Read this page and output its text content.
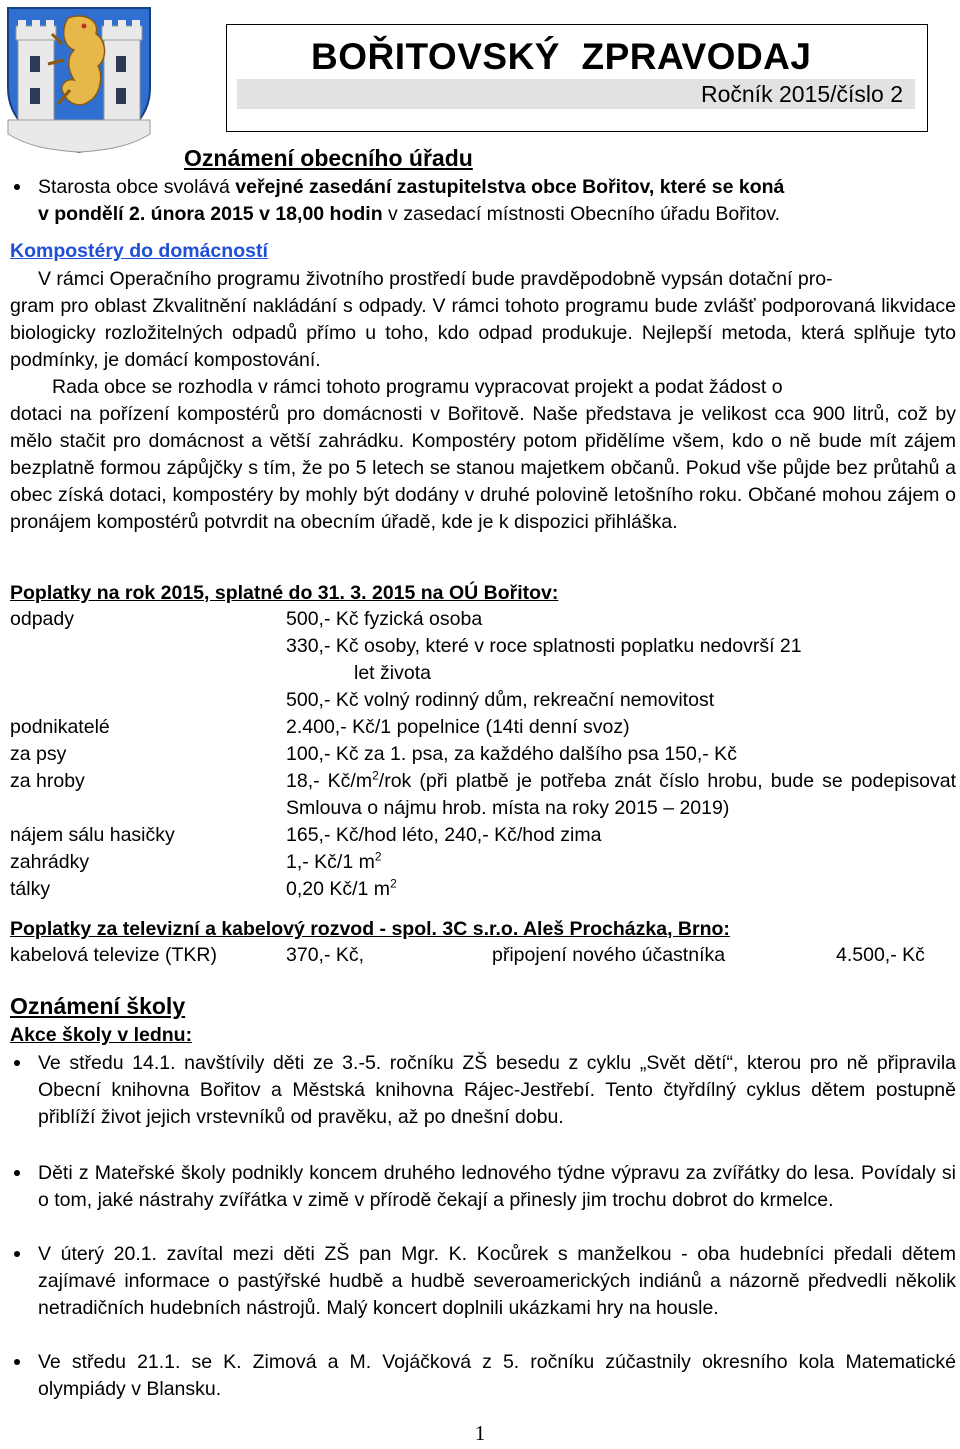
BOŘITOVSKÝ  ZPRAVODAJ
Ročník 2015/číslo 2
Oznámení obecního úřadu
Starosta obce svolává veřejné zasedání zastupitelstva obce Bořitov, které se koná
v pondělí 2. února 2015 v 18,00 hodin v zasedací místnosti Obecního úřadu Bořitov.
Kompostéry do domácností
V rámci Operačního programu životního prostředí bude pravděpodobně vypsán dotační pro-
gram pro oblast Zkvalitnění nakládání s odpady. V rámci tohoto programu bude zvlášť podporovaná likvidace biologicky rozložitelných odpadů přímo u toho, kdo odpad produkuje. Nejlepší metoda, která splňuje tyto podmínky, je domácí kompostování.
Rada obce se rozhodla v rámci tohoto programu vypracovat projekt a podat žádost o
dotaci na pořízení kompostérů pro domácnosti v Bořitově. Naše představa je velikost cca 900 litrů, což by mělo stačit pro domácnost a větší zahrádku. Kompostéry potom přidělíme všem, kdo o ně bude mít zájem bezplatně formou zápůjčky s tím, že po 5 letech se stanou majetkem občanů. Pokud vše půjde bez průtahů a obec získá dotaci, kompostéry by mohly být dodány v druhé polovině letošního roku. Občané mohou zájem o pronájem kompostérů potvrdit na obecním úřadě, kde je k dispozici přihláška.
Poplatky na rok 2015, splatné do 31. 3. 2015 na OÚ Bořitov:
odpady	500,- Kč fyzická osoba
330,- Kč osoby, které v roce splatnosti poplatku nedovrší 21
let života
500,- Kč volný rodinný dům, rekreační nemovitost
podnikatelé	2.400,- Kč/1 popelnice (14ti denní svoz)
za psy	100,- Kč za 1. psa, za každého dalšího psa 150,- Kč
za hroby	18,- $Kč/m^2$/rok (při platbě je potřeba znát číslo hrobu, bude se podepisovat Smlouva o nájmu hrob. místa na roky 2015 – 2019)
nájem sálu hasičky	165,- Kč/hod léto, 240,- Kč/hod zima
zahrádky	1,- Kč/1 $m^2$
tálky	0,20 Kč/1 $m^2$
Poplatky za televizní a kabelový rozvod - spol. 3C s.r.o. Aleš Procházka, Brno:
kabelová televize (TKR)	370,- Kč,	připojení nového účastníka	4.500,- Kč
Oznámení školy
Akce školy v lednu:
Ve středu 14.1. navštívily děti ze 3.-5. ročníku ZŠ besedu z cyklu „Svět dětí“, kterou pro ně připravila Obecní knihovna Bořitov a Městská knihovna Rájec-Jestřebí. Tento čtyřdílný cyklus dětem postupně přiblíží život jejich vrstevníků od pravěku, až po dnešní dobu.
Děti z Mateřské školy podnikly koncem druhého lednového týdne výpravu za zvířátky do lesa. Povídaly si o tom, jaké nástrahy zvířátka v zimě v přírodě čekají a přinesly jim trochu dobrot do krmelce.
V úterý 20.1. zavítal mezi děti ZŠ pan Mgr. K. Kocůrek s manželkou - oba hudebníci předali dětem zajímavé informace o pastýřské hudbě a hudbě severoamerických indiánů a názorně předvedli několik netradičních hudebních nástrojů. Malý koncert doplnili ukázkami hry na housle.
Ve středu 21.1. se K. Zimová a M. Vojáčková z 5. ročníku zúčastnily okresního kola Matematické olympiády v Blansku.
1
